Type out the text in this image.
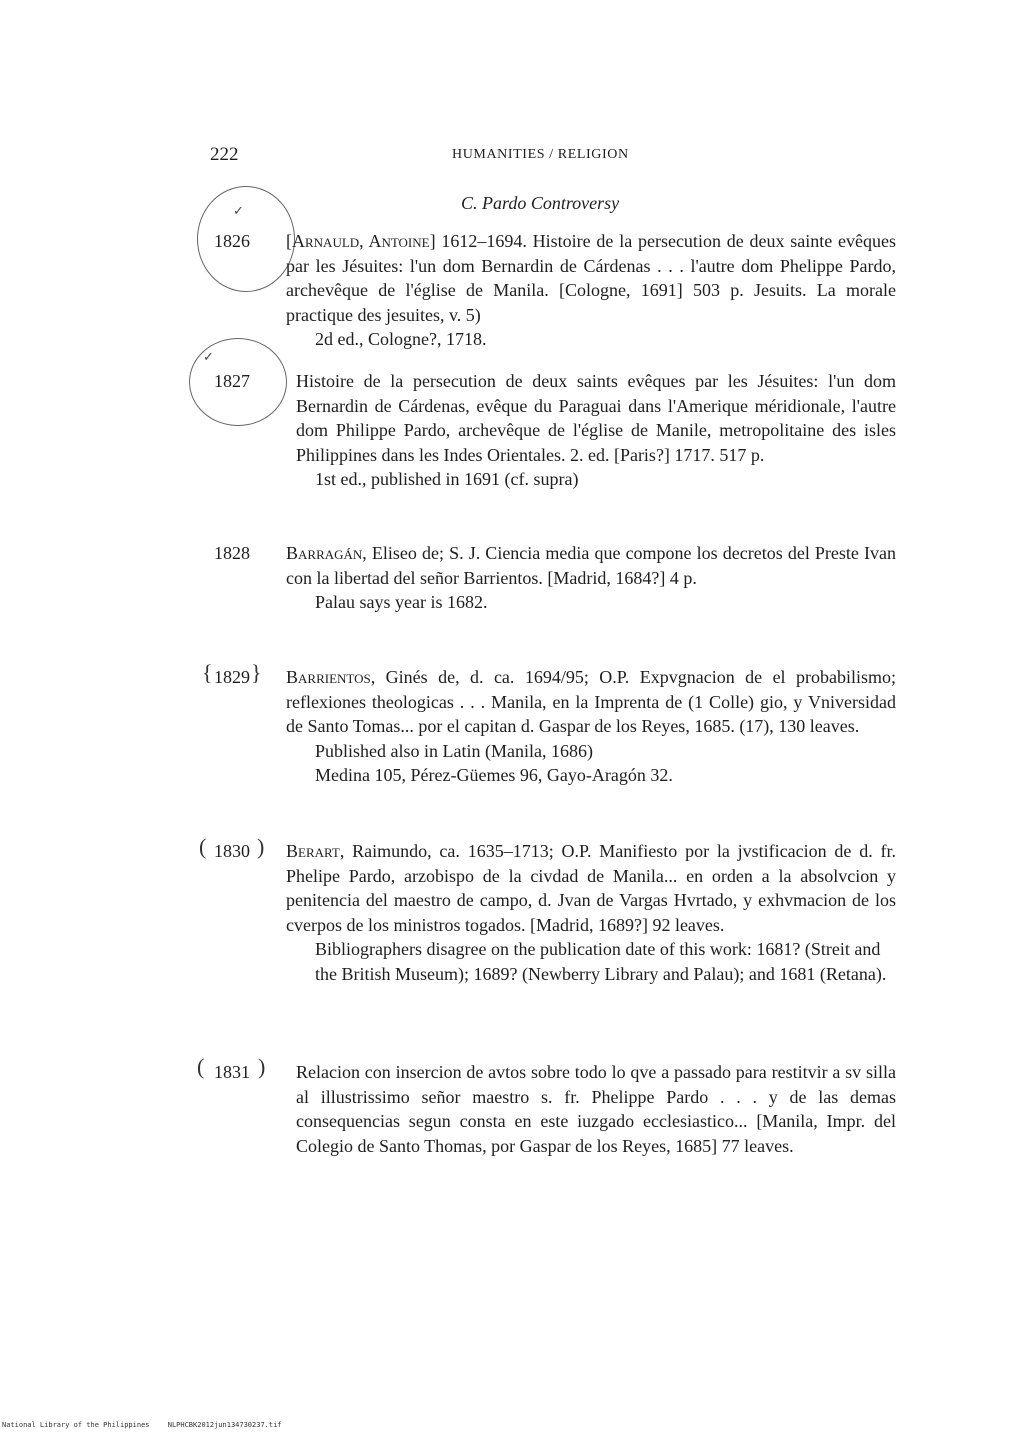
222	HUMANITIES / RELIGION
C. Pardo Controversy
✓
✓
{ }
( )
( )
1826 [Arnauld, Antoine] 1612–1694. Histoire de la persecution de deux sainte evêques par les Jésuites: l'un dom Bernardin de Cárdenas . . . l'autre dom Phelippe Pardo, archevêque de l'église de Manila. [Cologne, 1691] 503 p. Jesuits. La morale practique des jesuites, v. 5)
2d ed., Cologne?, 1718.
1827	Histoire de la persecution de deux saints evêques par les Jésuites: l'un dom Bernardin de Cárdenas, evêque du Paraguai dans l'Amerique méridionale, l'autre dom Philippe Pardo, archevêque de l'église de Manile, metropolitaine des isles Philippines dans les Indes Orientales. 2. ed. [Paris?] 1717. 517 p.
1st ed., published in 1691 (cf. supra)
1828 Barragán, Eliseo de; S. J. Ciencia media que compone los decretos del Preste Ivan con la libertad del señor Barrientos. [Madrid, 1684?] 4 p.
Palau says year is 1682.
1829 Barrientos, Ginés de, d. ca. 1694/95; O.P. Expvgnacion de el probabilismo; reflexiones theologicas . . . Manila, en la Imprenta de (1 Colle) gio, y Vniversidad de Santo Tomas... por el capitan d. Gaspar de los Reyes, 1685. (17), 130 leaves.
Published also in Latin (Manila, 1686)
Medina 105, Pérez-Güemes 96, Gayo-Aragón 32.
1830 Berart, Raimundo, ca. 1635–1713; O.P. Manifiesto por la jvstificacion de d. fr. Phelipe Pardo, arzobispo de la civdad de Manila... en orden a la absolvcion y penitencia del maestro de campo, d. Jvan de Vargas Hvrtado, y exhvmacion de los cverpos de los ministros togados. [Madrid, 1689?] 92 leaves.
Bibliographers disagree on the publication date of this work: 1681? (Streit and the British Museum); 1689? (Newberry Library and Palau); and 1681 (Retana).
1831	Relacion con insercion de avtos sobre todo lo qve a passado para restitvir a sv silla al illustrissimo señor maestro s. fr. Phelippe Pardo . . . y de las demas consequencias segun consta en este iuzgado ecclesiastico... [Manila, Impr. del Colegio de Santo Thomas, por Gaspar de los Reyes, 1685] 77 leaves.
National Library of the Philippines	NLPHCBK2012jun134730237.tif
